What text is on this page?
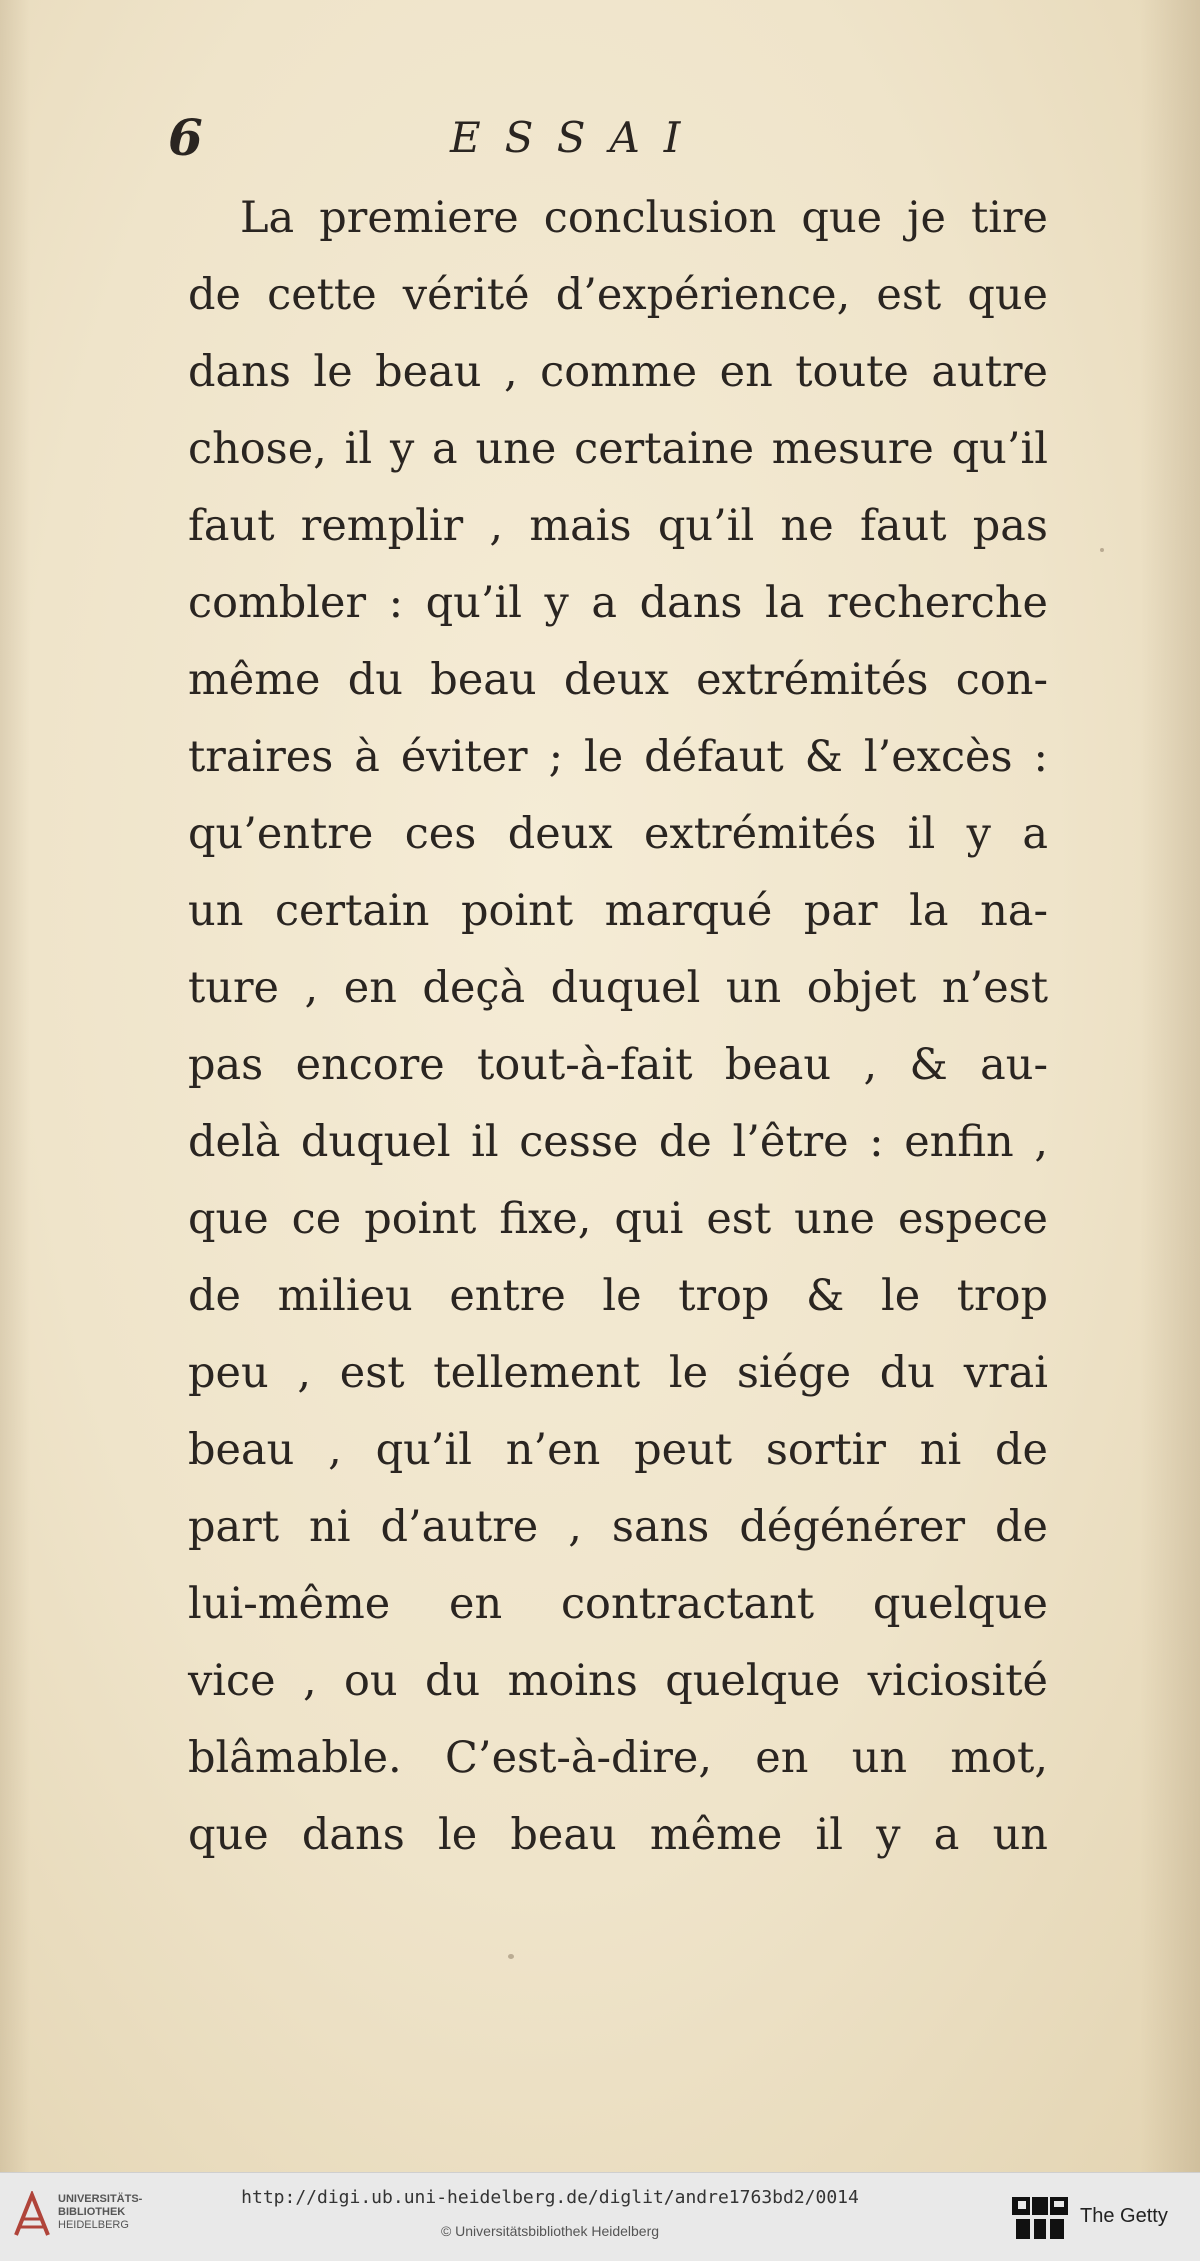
6	ESSAI
La premiere conclusion que je tire
de cette vérité d’expérience, est que
dans le beau , comme en toute autre
chose, il y a une certaine mesure qu’il
faut remplir , mais qu’il ne faut pas
combler : qu’il y a dans la recherche
même du beau deux extrémités con-
traires à éviter ; le défaut & l’excès :
qu’entre ces deux extrémités il y a
un certain point marqué par la na-
ture , en deçà duquel un objet n’est
pas encore tout-à-fait beau , & au-
delà duquel il cesse de l’être : enfin ,
que ce point fixe, qui est une espece
de milieu entre le trop & le trop
peu , est tellement le siége du vrai
beau , qu’il n’en peut sortir ni de
part ni d’autre , sans dégénérer de
lui-même en contractant quelque
vice , ou du moins quelque viciosité
blâmable. C’est-à-dire, en un mot,
que dans le beau même il y a un
UNIVERSITÄTS-
BIBLIOTHEK
HEIDELBERG
http://digi.ub.uni-heidelberg.de/diglit/andre1763bd2/0014
© Universitätsbibliothek Heidelberg
The Getty
